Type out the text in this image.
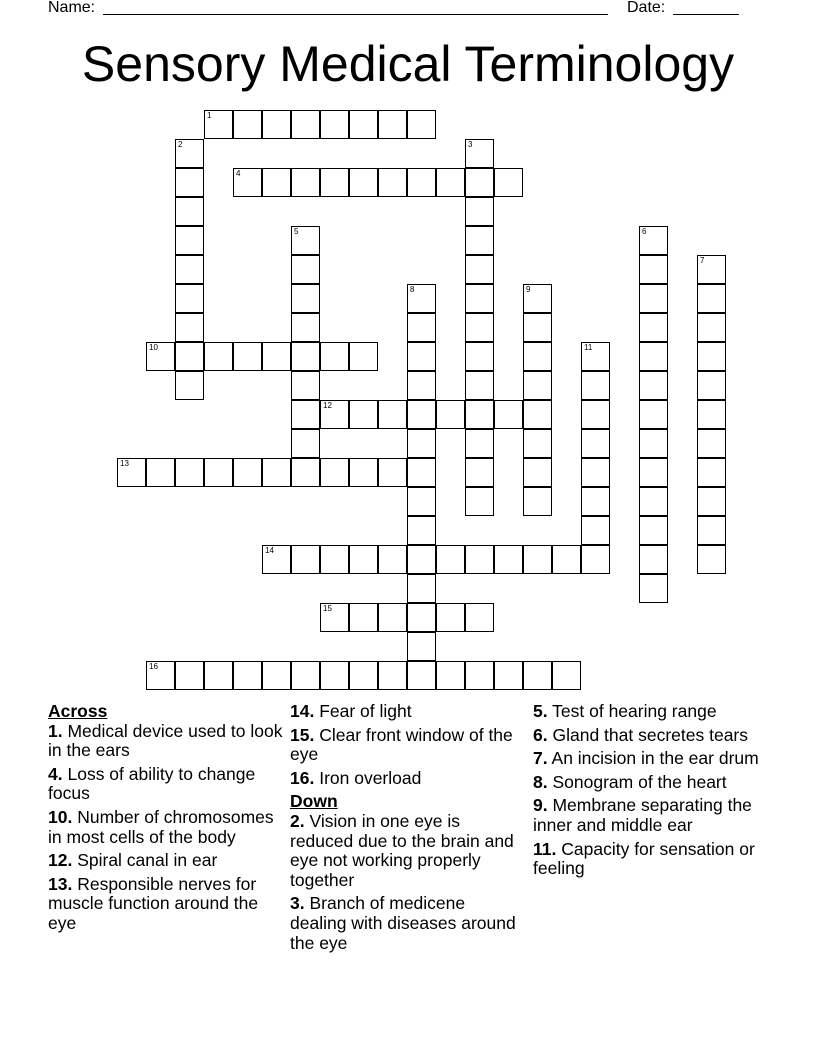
Name:	Date:
Sensory Medical Terminology
1
2	3
4
5	6
7
8	9
10	11
12
13
14
15
16

Across

1. Medical device used to look in the ears

4. Loss of ability to change focus

10. Number of chromosomes in most cells of the body

12. Spiral canal in ear

13. Responsible nerves for muscle function around the eye

14. Fear of light

15. Clear front window of the eye

16. Iron overload

Down

2. Vision in one eye is reduced due to the brain and eye not working properly together

3. Branch of medicene dealing with diseases around the eye

5. Test of hearing range

6. Gland that secretes tears

7. An incision in the ear drum

8. Sonogram of the heart

9. Membrane separating the inner and middle ear

11. Capacity for sensation or feeling
